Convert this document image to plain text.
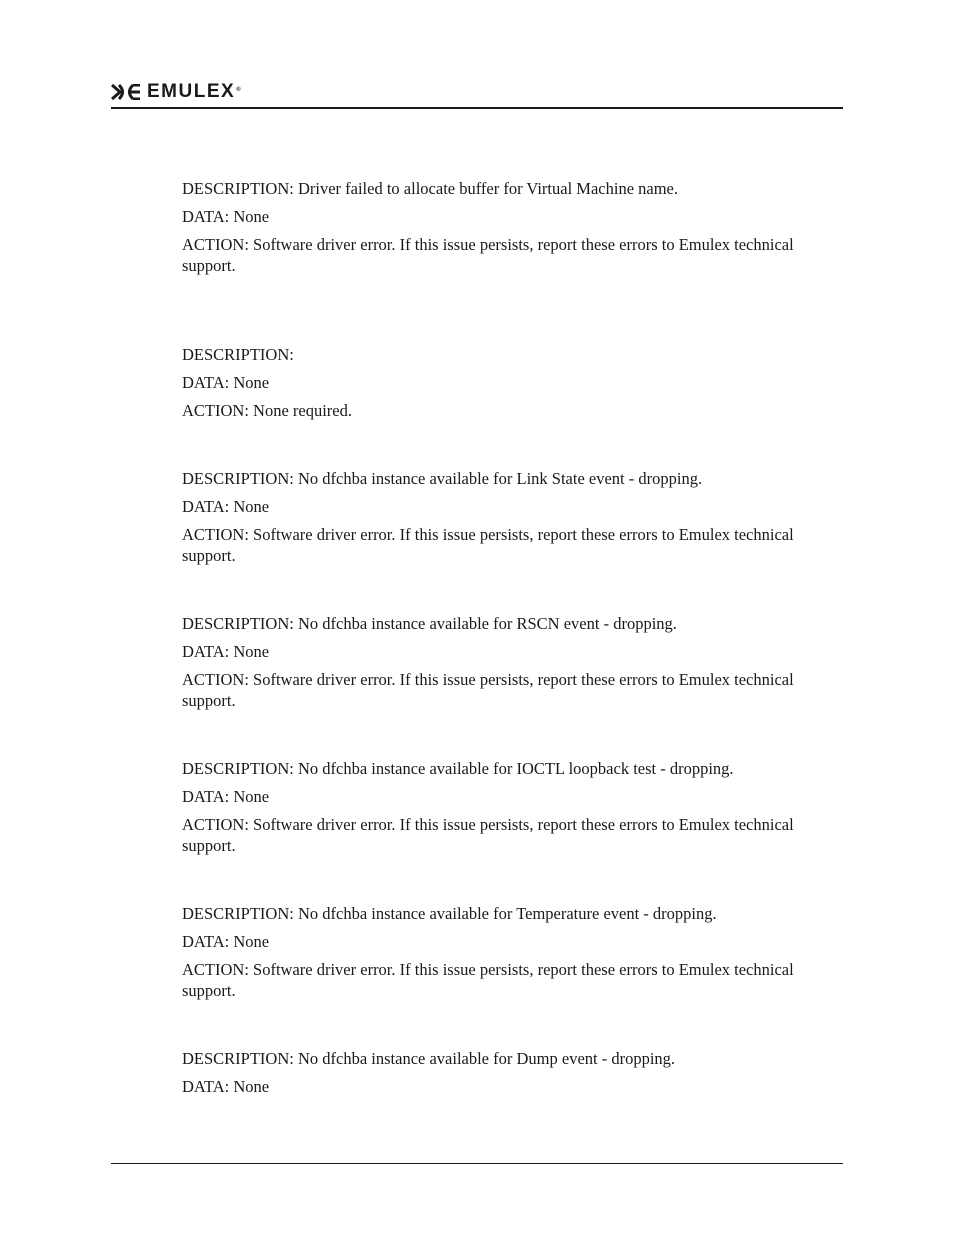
EMULEX®

DESCRIPTION: Driver failed to allocate buffer for Virtual Machine name.

DATA: None

ACTION: Software driver error. If this issue persists, report these errors to Emulex technical support.

DESCRIPTION:

DATA: None

ACTION: None required.

DESCRIPTION: No dfchba instance available for Link State event - dropping.

DATA: None

ACTION: Software driver error. If this issue persists, report these errors to Emulex technical support.

DESCRIPTION: No dfchba instance available for RSCN event - dropping.

DATA: None

ACTION: Software driver error. If this issue persists, report these errors to Emulex technical support.

DESCRIPTION: No dfchba instance available for IOCTL loopback test - dropping.

DATA: None

ACTION: Software driver error. If this issue persists, report these errors to Emulex technical support.

DESCRIPTION: No dfchba instance available for Temperature event - dropping.

DATA: None

ACTION: Software driver error. If this issue persists, report these errors to Emulex technical support.

DESCRIPTION: No dfchba instance available for Dump event - dropping.

DATA: None
